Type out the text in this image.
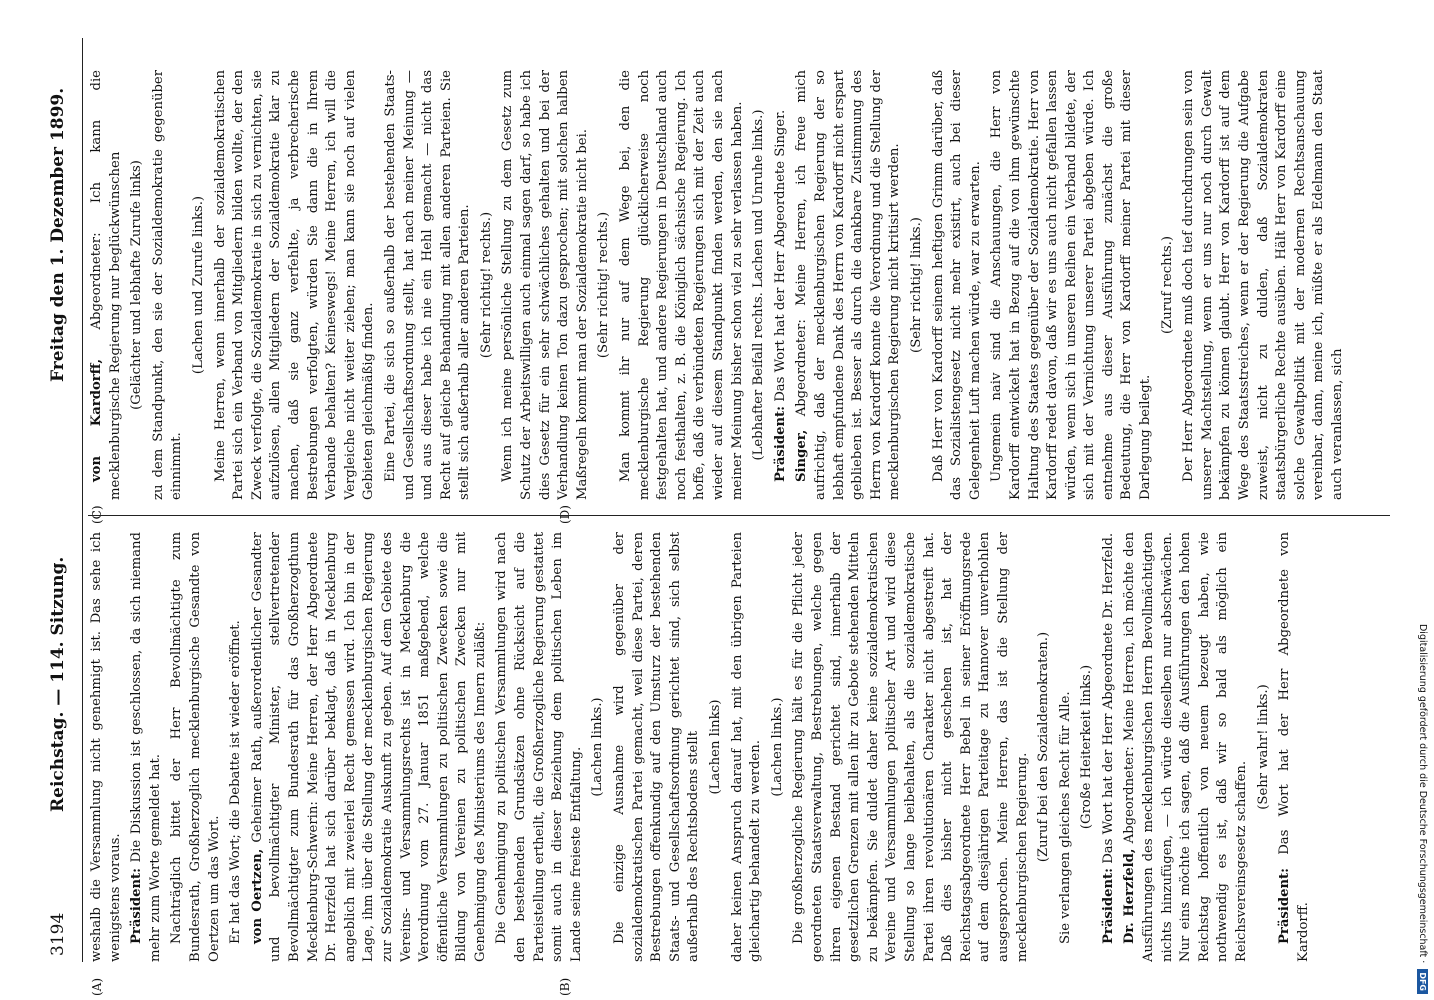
3194
Reichstag. — 114. Sitzung.
Freitag den 1. Dezember 1899.
(A)	(B)
(C)	(D)

weshalb die Versammlung nicht genehmigt ist. Das sehe ich wenigstens voraus. Präsident: Die Diskussion ist geschlossen, da sich niemand mehr zum Worte gemeldet hat. Nachträglich bittet der Herr Bevollmächtigte zum Bundesrath, Großherzoglich mecklenburgische Gesandte von Oertzen um das Wort. Er hat das Wort; die Debatte ist wieder eröffnet. von Oertzen, Geheimer Rath, außerordentlicher Gesandter und bevollmächtigter Minister, stellvertretender Bevollmächtigter zum Bundesrath für das Großherzogthum Mecklenburg-Schwerin: Meine Herren, der Herr Abgeordnete Dr. Herzfeld hat sich darüber beklagt, daß in Mecklenburg angeblich mit zweierlei Recht gemessen wird. Ich bin in der Lage, ihm über die Stellung der mecklenburgischen Regierung zur Sozialdemokratie Auskunft zu geben. Auf dem Gebiete des Vereins- und Versammlungsrechts ist in Mecklenburg die Verordnung vom 27. Januar 1851 maßgebend, welche öffentliche Versammlungen zu politischen Zwecken sowie die Bildung von Vereinen zu politischen Zwecken nur mit Genehmigung des Ministeriums des Innern zuläßt: Die Genehmigung zu politischen Versammlungen wird nach den bestehenden Grundsätzen ohne Rücksicht auf die Parteistellung ertheilt, die Großherzogliche Regierung gestattet somit auch in dieser Beziehung dem politischen Leben im Lande seine freieste Entfaltung. (Lachen links.) Die einzige Ausnahme wird gegenüber der sozialdemokratischen Partei gemacht, weil diese Partei, deren Bestrebungen offenkundig auf den Umsturz der bestehenden Staats- und Gesellschaftsordnung gerichtet sind, sich selbst außerhalb des Rechtsbodens stellt (Lachen links) daher keinen Anspruch darauf hat, mit den übrigen Parteien gleichartig behandelt zu werden. (Lachen links.) Die großherzogliche Regierung hält es für die Pflicht jeder geordneten Staatsverwaltung, Bestrebungen, welche gegen ihren eigenen Bestand gerichtet sind, innerhalb der gesetzlichen Grenzen mit allen ihr zu Gebote stehenden Mitteln zu bekämpfen. Sie duldet daher keine sozialdemokratischen Vereine und Versammlungen politischer Art und wird diese Stellung so lange beibehalten, als die sozialdemokratische Partei ihren revolutionären Charakter nicht abgestreift hat. Daß dies bisher nicht geschehen ist, hat der Reichstagsabgeordnete Herr Bebel in seiner Eröffnungsrede auf dem diesjährigen Parteitage zu Hannover unverhohlen ausgesprochen. Meine Herren, das ist die Stellung der mecklenburgischen Regierung. (Zuruf bei den Sozialdemokraten.) Sie verlangen gleiches Recht für Alle. (Große Heiterkeit links.)

Präsident: Das Wort hat der Herr Abgeordnete Dr. Herzfeld.

Dr. Herzfeld, Abgeordneter: Meine Herren, ich möchte den Ausführungen des mecklenburgischen Herrn Bevollmächtigten nichts hinzufügen, — ich würde dieselben nur abschwächen. Nur eins möchte ich sagen, daß die Ausführungen den hohen Reichstag hoffentlich von neuem bezeugt haben, wie nothwendig es ist, daß wir so bald als möglich ein Reichsvereinsgesetz schaffen.

(Sehr wahr! links.)

Präsident: Das Wort hat der Herr Abgeordnete von Kardorff.

von Kardorff, Abgeordneter: Ich kann die mecklenburgische Regierung nur beglückwünschen (Gelächter und lebhafte Zurufe links) zu dem Standpunkt, den sie der Sozialdemokratie gegenüber einnimmt.

(Lachen und Zurufe links.) Meine Herren, wenn innerhalb der sozialdemokratischen Partei sich ein Verband von Mitgliedern bilden wollte, der den Zweck verfolgte, die Sozialdemokratie in sich zu vernichten, sie aufzulösen, allen Mitgliedern der Sozialdemokratie klar zu machen, daß sie ganz verfehlte, ja verbrecherische Bestrebungen verfolgten, würden Sie dann die in Ihrem Verbande behalten? Keineswegs! Meine Herren, ich will die Vergleiche nicht weiter ziehen; man kann sie noch auf vielen Gebieten gleichmäßig finden. Eine Partei, die sich so außerhalb der bestehenden Staats- und Gesellschaftsordnung stellt, hat nach meiner Meinung — und aus dieser habe ich nie ein Hehl gemacht — nicht das Recht auf gleiche Behandlung mit allen anderen Parteien. Sie stellt sich außerhalb aller anderen Parteien. (Sehr richtig! rechts.) Wenn ich meine persönliche Stellung zu dem Gesetz zum Schutz der Arbeitswilligen auch einmal sagen darf, so habe ich dies Gesetz für ein sehr schwächliches gehalten und bei der Verhandlung keinen Ton dazu gesprochen; mit solchen halben Maßregeln kommt man der Sozialdemokratie nicht bei. (Sehr richtig! rechts.) Man kommt ihr nur auf dem Wege bei, den die mecklenburgische Regierung glücklicherweise noch festgehalten hat, und andere Regierungen in Deutschland auch noch festhalten, z. B. die Königlich sächsische Regierung. Ich hoffe, daß die verbündeten Regierungen sich mit der Zeit auch wieder auf diesem Standpunkt finden werden, den sie nach meiner Meinung bisher schon viel zu sehr verlassen haben. (Lebhafter Beifall rechts. Lachen und Unruhe links.) Präsident: Das Wort hat der Herr Abgeordnete Singer.

Singer, Abgeordneter: Meine Herren, ich freue mich aufrichtig, daß der mecklenburgischen Regierung der so lebhaft empfundene Dank des Herrn von Kardorff nicht erspart geblieben ist. Besser als durch die dankbare Zustimmung des Herrn von Kardorff konnte die Verordnung und die Stellung der mecklenburgischen Regierung nicht kritisirt werden. (Sehr richtig! links.) Daß Herr von Kardorff seinem heftigen Grimm darüber, daß das Sozialistengesetz nicht mehr existirt, auch bei dieser Gelegenheit Luft machen würde, war zu erwarten. Ungemein naiv sind die Anschauungen, die Herr von Kardorff entwickelt hat in Bezug auf die von ihm gewünschte Haltung des Staates gegenüber der Sozialdemokratie. Herr von Kardorff redet davon, daß wir es uns auch nicht gefallen lassen würden, wenn sich in unseren Reihen ein Verband bildete, der sich mit der Vernichtung unserer Partei abgeben würde. Ich entnehme aus dieser Ausführung zunächst die große Bedeutung, die Herr von Kardorff meiner Partei mit dieser Darlegung beilegt.

(Zuruf rechts.) Der Herr Abgeordnete muß doch tief durchdrungen sein von unserer Machtstellung, wenn er uns nur noch durch Gewalt bekämpfen zu können glaubt. Herr von Kardorff ist auf dem Wege des Staatsstreiches, wenn er der Regierung die Aufgabe zuweist, nicht zu dulden, daß Sozialdemokraten staatsbürgerliche Rechte ausüben. Hält Herr von Kardorff eine solche Gewaltpolitik mit der modernen Rechtsanschauung vereinbar, dann, meine ich, müßte er als Edelmann den Staat auch veranlassen, sich

Digitalisierung gefördert durch die Deutsche Forschungsgemeinschaft ·
DFG
